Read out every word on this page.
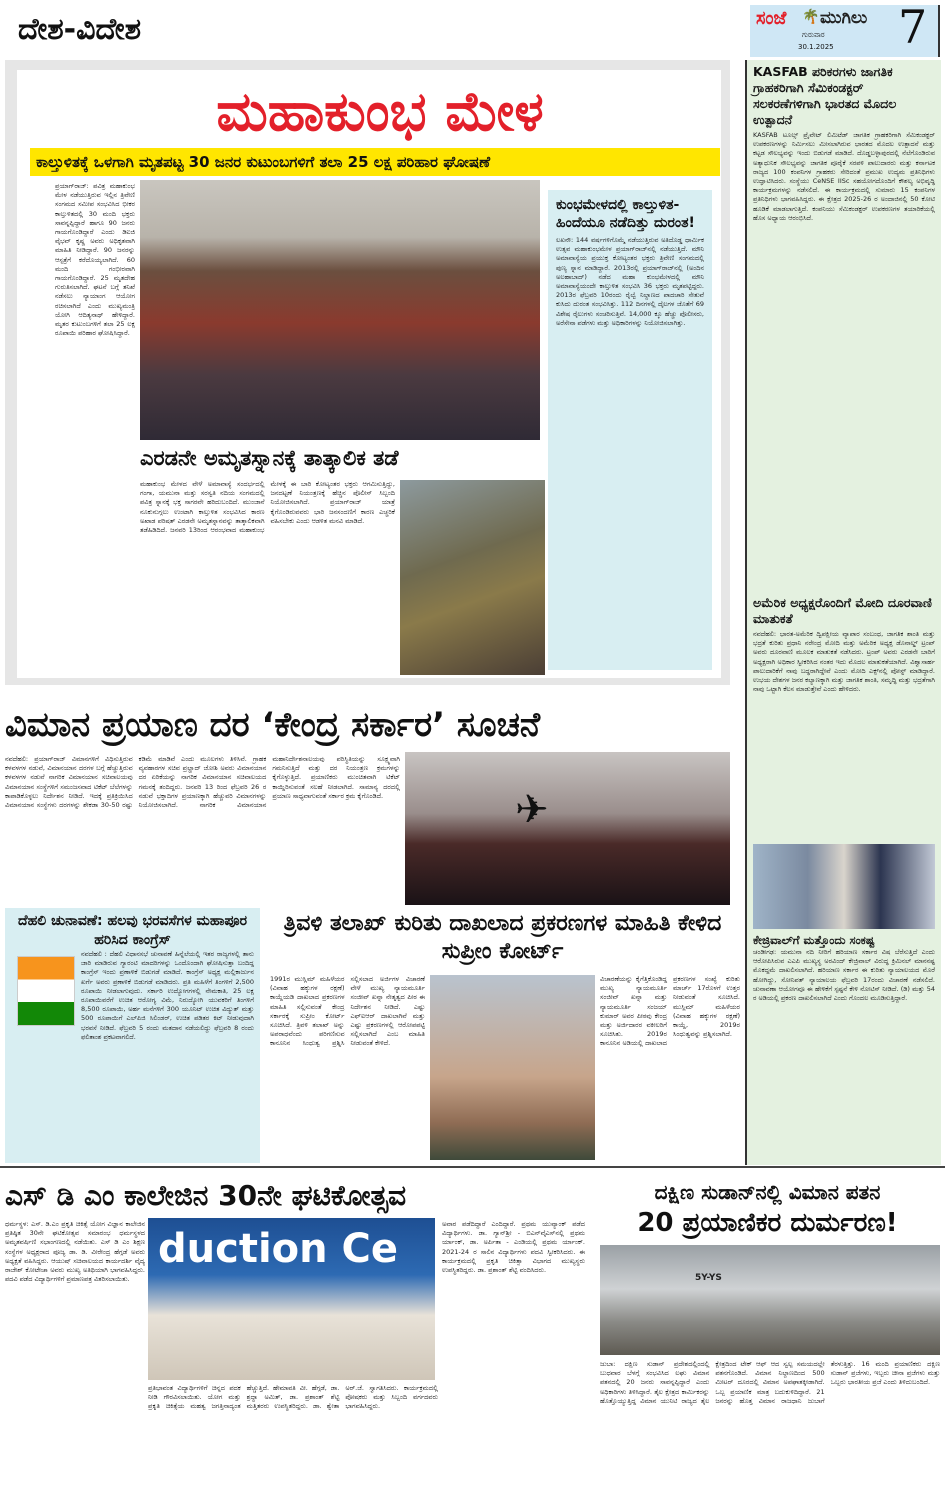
ದೇಶ-ವಿದೇಶ	ಸಂಜೆ 🌴 ಮುಗಿಲು
ಗುರುವಾರ
30.1.2025 7
ಮಹಾಕುಂಭ ಮೇಳ
ಕಾಲ್ತುಳಿತಕ್ಕೆ ಒಳಗಾಗಿ ಮೃತಪಟ್ಟ 30 ಜನರ ಕುಟುಂಬಗಳಿಗೆ ತಲಾ 25 ಲಕ್ಷ ಪರಿಹಾರ ಘೋಷಣೆ
ಪ್ರಯಾಗ್‌ರಾಜ್: ಪವಿತ್ರ ಮಹಾಕುಂಭ ಮೇಳ ನಡೆಯುತ್ತಿರುವ ಇಲ್ಲಿನ ತ್ರಿವೇಣಿ ಸಂಗಮದ ಸಮೀಪ ಸಂಭವಿಸಿದ ಭೀಕರ ಕಾಲ್ತುಳಿತದಲ್ಲಿ 30 ಮಂದಿ ಭಕ್ತರು ಸಾವನ್ನಪ್ಪಿದ್ದಾರೆ ಹಾಗೂ 90 ಜನರು ಗಾಯಗೊಂಡಿದ್ದಾರೆ ಎಂದು ಡಿಐಜಿ ವೈಭವ್ ಕೃಷ್ಣ ಅವರು ಅಧಿಕೃತವಾಗಿ ಮಾಹಿತಿ ನೀಡಿದ್ದಾರೆ. 90 ಜನರನ್ನು ಆಸ್ಪತ್ರೆಗೆ ಕರೆದೊಯ್ಯಲಾಗಿದೆ. 60 ಮಂದಿ ಗಂಭೀರವಾಗಿ ಗಾಯಗೊಂಡಿದ್ದಾರೆ. 25 ಮೃತದೇಹ ಗುರುತಿಸಲಾಗಿದೆ. ಘಟನೆ ಬಗ್ಗೆ ತನಿಖೆ ನಡೆಸಲು ನ್ಯಾಯಾಂಗ ಆಯೋಗ ರಚಿಸಲಾಗಿದೆ ಎಂದು ಮುಖ್ಯಮಂತ್ರಿ ಯೋಗಿ ಆದಿತ್ಯನಾಥ್ ಹೇಳಿದ್ದಾರೆ. ಮೃತರ ಕುಟುಂಬಗಳಿಗೆ ತಲಾ 25 ಲಕ್ಷ ರೂಪಾಯಿ ಪರಿಹಾರ ಘೋಷಿಸಿದ್ದಾರೆ.
ಎರಡನೇ ಅಮೃತಸ್ನಾನಕ್ಕೆ ತಾತ್ಕಾಲಿಕ ತಡೆ
ಮಹಾಕುಂಭ ಮೇಳದ ವೇಳೆ ಅಮಾವಾಸ್ಯೆ ಸಂದರ್ಭದಲ್ಲಿ ಗಂಗಾ, ಯಮುನಾ ಮತ್ತು ಸರಸ್ವತಿ ನದಿಯ ಸಂಗಮದಲ್ಲಿ ಪವಿತ್ರ ಸ್ನಾನಕ್ಕೆ ಭಕ್ತ ಸಾಗರವೇ ಹರಿದುಬಂದಿದೆ. ಮುಂಜಾನೆ ನೂಕುನುಗ್ಗಲು ಉಂಟಾಗಿ ಕಾಲ್ತುಳಿತ ಸಂಭವಿಸಿದ ಕಾರಣ ಅಖಾಡ ಪರಿಷತ್ ಎರಡನೇ ಅಮೃತಸ್ನಾನವನ್ನು ತಾತ್ಕಾಲಿಕವಾಗಿ ತಡೆಹಿಡಿದಿದೆ. ಜನವರಿ 13ರಿಂದ ಆರಂಭವಾದ ಮಹಾಕುಂಭ ಮೇಳಕ್ಕೆ ಈ ಬಾರಿ ಕೋಟ್ಯಂತರ ಭಕ್ತರು ಆಗಮಿಸುತ್ತಿದ್ದು, ಜನದಟ್ಟಣೆ ನಿಯಂತ್ರಣಕ್ಕೆ ಹೆಚ್ಚಿನ ಪೊಲೀಸ್ ಸಿಬ್ಬಂದಿ ನಿಯೋಜಿಸಲಾಗಿದೆ. ಪ್ರಯಾಗ್‌ರಾಜ್ ಯಾತ್ರೆ ಕೈಗೊಂಡಿರುವವರು ಭಾರಿ ಜನಸಂದಣಿಗೆ ಕಾರಣ ಎಚ್ಚರಿಕೆ ವಹಿಸಬೇಕು ಎಂದು ಆಡಳಿತ ಮನವಿ ಮಾಡಿದೆ.
ಕುಂಭಮೇಳದಲ್ಲಿ ಕಾಲ್ತುಳಿತ- ಹಿಂದೆಯೂ ನಡೆದಿತ್ತು ದುರಂತ!
ಲಖನೌ: 144 ವರ್ಷಗಳಿಗೊಮ್ಮೆ ನಡೆಯುತ್ತಿರುವ ಅತಿದೊಡ್ಡ ಧಾರ್ಮಿಕ ಉತ್ಸವ ಮಹಾಕುಂಭಮೇಳ ಪ್ರಯಾಗ್‌ರಾಜ್‌ನಲ್ಲಿ ನಡೆಯುತ್ತಿದೆ. ಮೌನಿ ಅಮಾವಾಸ್ಯೆಯ ಪ್ರಯುಕ್ತ ಕೋಟ್ಯಂತರ ಭಕ್ತರು ತ್ರಿವೇಣಿ ಸಂಗಮದಲ್ಲಿ ಪುಣ್ಯ ಸ್ನಾನ ಮಾಡಿದ್ದಾರೆ. 2013ರಲ್ಲಿ ಪ್ರಯಾಗ್‌ರಾಜ್‌ನಲ್ಲಿ (ಅಂದಿನ ಅಲಹಾಬಾದ್) ನಡೆದ ಮಹಾ ಕುಂಭಮೇಳದಲ್ಲಿ ಮೌನಿ ಅಮಾವಾಸ್ಯೆಯಂದೇ ಕಾಲ್ತುಳಿತ ಸಂಭವಿಸಿ 36 ಭಕ್ತರು ಮೃತಪಟ್ಟಿದ್ದರು. 2013ರ ಫೆಬ್ರವರಿ 10ರಂದು ರೈಲ್ವೆ ನಿಲ್ದಾಣದ ಪಾದಚಾರಿ ಸೇತುವೆ ಕುಸಿದು ದುರಂತ ಸಂಭವಿಸಿತ್ತು. 112 ದಿನಗಳಲ್ಲಿ ದೈಲಗಳ ಜೊತೆಗೆ 69 ವಿಶೇಷ ರೈಲುಗಳು ಸಂಚರಿಸುತ್ತಿವೆ. 14,000 ಕ್ಕೂ ಹೆಚ್ಚು ಪೊಲೀಸರು, ಅರೆಸೇನಾ ಪಡೆಗಳು ಮತ್ತು ಅಧಿಕಾರಿಗಳನ್ನು ನಿಯೋಜಿಸಲಾಗಿತ್ತು.
KASFAB ಪರಿಕರಗಳು ಜಾಗತಿಕ ಗ್ರಾಹಕರಿಗಾಗಿ ಸೆಮಿಕಂಡಕ್ಟರ್ ಸಲಕರಣೆಗಳಿಗಾಗಿ ಭಾರತದ ಮೊದಲ ಉತ್ಪಾದನೆ
KASFAB ಟೂಲ್ಸ್ ಪ್ರೈವೇಟ್ ಲಿಮಿಟೆಡ್ ಜಾಗತಿಕ ಗ್ರಾಹಕರಿಗಾಗಿ ಸೆಮಿಕಂಡಕ್ಟರ್ ಉಪಕರಣಗಳನ್ನು ನಿರ್ಮಿಸಲು ಮೀಸಲಾಗಿರುವ ಭಾರತದ ಮೊದಲ ಉತ್ಪಾದನೆ ಮತ್ತು ಕಟ್ಟಡ ಸೌಲಭ್ಯವನ್ನು ಇಂದು ಬಿಡುಗಡೆ ಮಾಡಿದೆ. ದೊಡ್ಡಬಳ್ಳಾಪುರದಲ್ಲಿ ನೆಲೆಗೊಂಡಿರುವ ಅತ್ಯಾಧುನಿಕ ಸೌಲಭ್ಯವನ್ನು ಜಾಗತಿಕ ಪೂರೈಕೆ ಸರಪಳಿ ಪಾಲುದಾರರು ಮತ್ತು ಕರ್ನಾಟಕ ರಾಜ್ಯದ 100 ಕಂಪನಿಗಳ ಗ್ರಾಹಕರು ಸೇರಿದಂತೆ ಪ್ರಮುಖ ಉದ್ಯಮ ಪ್ರತಿನಿಧಿಗಳು ಉದ್ಘಾಟಿಸಿದರು. ಸಂಸ್ಥೆಯು CeNSE IISc ಸಹಯೋಗದೊಂದಿಗೆ ಕೌಶಲ್ಯ ಅಭಿವೃದ್ಧಿ ಕಾರ್ಯಕ್ರಮಗಳನ್ನು ನಡೆಸಲಿದೆ. ಈ ಕಾರ್ಯಕ್ರಮದಲ್ಲಿ ಸುಮಾರು 15 ಕಂಪನಿಗಳ ಪ್ರತಿನಿಧಿಗಳು ಭಾಗವಹಿಸಿದ್ದರು. ಈ ಕ್ಷೇತ್ರದ 2025-26 ರ ಅಂದಾಜಿನಲ್ಲಿ 50 ಕೋಟಿ ಹೂಡಿಕೆ ಮಾಡಲಾಗುತ್ತಿದೆ. ಕಂಪನಿಯು ಸೆಮಿಕಂಡಕ್ಟರ್ ಉಪಕರಣಗಳ ತಯಾರಿಕೆಯಲ್ಲಿ ಹೊಸ ಅಧ್ಯಾಯ ಆರಂಭಿಸಿದೆ.
ಅಮೆರಿಕ ಅಧ್ಯಕ್ಷರೊಂದಿಗೆ ಮೋದಿ ದೂರವಾಣಿ ಮಾತುಕತೆ
ನವದೆಹಲಿ: ಭಾರತ-ಅಮೆರಿಕ ದ್ವಿಪಕ್ಷೀಯ ವ್ಯಾಪಾರ ಸಂಬಂಧ, ಜಾಗತಿಕ ಶಾಂತಿ ಮತ್ತು ಭದ್ರತೆ ಕುರಿತು ಪ್ರಧಾನಿ ನರೇಂದ್ರ ಮೋದಿ ಮತ್ತು ಅಮೆರಿಕ ಅಧ್ಯಕ್ಷ ಡೊನಾಲ್ಡ್ ಟ್ರಂಪ್ ಅವರು ದೂರವಾಣಿ ಮೂಲಕ ಮಾತುಕತೆ ನಡೆಸಿದರು. ಟ್ರಂಪ್ ಅವರು ಎರಡನೇ ಬಾರಿಗೆ ಅಧ್ಯಕ್ಷರಾಗಿ ಅಧಿಕಾರ ಸ್ವೀಕರಿಸಿದ ನಂತರ ಇದು ಮೊದಲ ಮಾತುಕತೆಯಾಗಿದೆ. ವಿಶ್ವಾಸಾರ್ಹ ಪಾಲುದಾರಿಕೆಗೆ ನಾವು ಬದ್ಧರಾಗಿದ್ದೇವೆ ಎಂದು ಮೋದಿ ಎಕ್ಸ್‌ನಲ್ಲಿ ಪೋಸ್ಟ್ ಮಾಡಿದ್ದಾರೆ. ಉಭಯ ದೇಶಗಳ ಜನರ ಕಲ್ಯಾಣಕ್ಕಾಗಿ ಮತ್ತು ಜಾಗತಿಕ ಶಾಂತಿ, ಸಮೃದ್ಧಿ ಮತ್ತು ಭದ್ರತೆಗಾಗಿ ನಾವು ಒಟ್ಟಾಗಿ ಕೆಲಸ ಮಾಡುತ್ತೇವೆ ಎಂದು ಹೇಳಿದರು.
ಕೇಜ್ರಿವಾಲ್‌ಗೆ ಮತ್ತೊಂದು ಸಂಕಷ್ಟ
ಚಂಡೀಗಢ: ಯಮುನಾ ನದಿ ನೀರಿಗೆ ಹರಿಯಾಣ ಸರ್ಕಾರ ವಿಷ ಬೆರೆಸುತ್ತಿದೆ ಎಂದು ಆರೋಪಿಸಿರುವ ಎಎಪಿ ಮುಖ್ಯಸ್ಥ ಅರವಿಂದ್ ಕೇಜ್ರಿವಾಲ್ ವಿರುದ್ಧ ಕ್ರಿಮಿನಲ್ ಮಾನನಷ್ಟ ಮೊಕದ್ದಮೆ ದಾಖಲಿಸಲಾಗಿದೆ. ಹರಿಯಾಣ ಸರ್ಕಾರ ಈ ಕುರಿತು ನ್ಯಾಯಾಲಯದ ಮೊರೆ ಹೋಗಿದ್ದು, ಸೋನಿಪತ್ ನ್ಯಾಯಾಲಯ ಫೆಬ್ರವರಿ 17ರಂದು ವಿಚಾರಣೆ ನಡೆಸಲಿದೆ. ಚುನಾವಣಾ ಆಯೋಗವೂ ಈ ಹೇಳಿಕೆಗೆ ಸ್ಪಷ್ಟನೆ ಕೇಳಿ ನೋಟಿಸ್ ನೀಡಿದೆ. (ಡಿ) ಮತ್ತು 54 ರ ಅಡಿಯಲ್ಲಿ ಪ್ರಕರಣ ದಾಖಲಿಸಲಾಗಿದೆ ಎಂದು ಗೊಂದಲ ಮೂಡಿಸುತ್ತಿದ್ದಾರೆ.
ವಿಮಾನ ಪ್ರಯಾಣ ದರ ‘ಕೇಂದ್ರ ಸರ್ಕಾರ’ ಸೂಚನೆ
ನವದೆಹಲಿ: ಪ್ರಯಾಗ್‌ರಾಜ್ ವಿಮಾನಗಳಿಗೆ ವಿಧಿಸುತ್ತಿರುವ ಕಳವಳಗಳ ನಡುವೆ, ವಿಮಾನಯಾನ ದರಗಳ ಬಗ್ಗೆ ಹೆಚ್ಚುತ್ತಿರುವ ಕಳವಳಗಳ ನಡುವೆ ನಾಗರಿಕ ವಿಮಾನಯಾನ ಸಚಿವಾಲಯವು ವಿಮಾನಯಾನ ಸಂಸ್ಥೆಗಳಿಗೆ ಸಮಂಜಸವಾದ ಟಿಕೆಟ್ ಬೆಲೆಗಳನ್ನು ಕಾಪಾಡಿಕೊಳ್ಳಲು ನಿರ್ದೇಶನ ನೀಡಿದೆ. ಇದಕ್ಕೆ ಪ್ರತಿಕ್ರಿಯಿಸಿದ ವಿಮಾನಯಾನ ಸಂಸ್ಥೆಗಳು ದರಗಳನ್ನು ಶೇಕಡಾ 30-50 ರಷ್ಟು ಕಡಿಮೆ ಮಾಡಿವೆ ಎಂದು ಮೂಲಗಳು ತಿಳಿಸಿವೆ. ಗ್ರಾಹಕ ವ್ಯವಹಾರಗಳ ಸಚಿವ ಪ್ರಲ್ಹಾದ್ ಜೋಶಿ ಅವರು ವಿಮಾನಯಾನ ದರ ಏರಿಕೆಯನ್ನು ನಾಗರಿಕ ವಿಮಾನಯಾನ ಸಚಿವಾಲಯದ ಗಮನಕ್ಕೆ ತಂದಿದ್ದರು. ಜನವರಿ 13 ರಿಂದ ಫೆಬ್ರವರಿ 26 ರ ನಡುವೆ ಭಕ್ತಾದಿಗಳ ಪ್ರಯಾಣಕ್ಕಾಗಿ ಹೆಚ್ಚುವರಿ ವಿಮಾನಗಳನ್ನು ನಿಯೋಜಿಸಲಾಗಿದೆ. ನಾಗರಿಕ ವಿಮಾನಯಾನ ಮಹಾನಿರ್ದೇಶನಾಲಯವು ಪರಿಸ್ಥಿತಿಯನ್ನು ಸೂಕ್ಷ್ಮವಾಗಿ ಗಮನಿಸುತ್ತಿದೆ ಮತ್ತು ದರ ನಿಯಂತ್ರಣ ಕ್ರಮಗಳನ್ನು ಕೈಗೊಳ್ಳುತ್ತಿದೆ. ಪ್ರಯಾಣಿಕರು ಮುಂಚಿತವಾಗಿ ಟಿಕೆಟ್ ಕಾಯ್ದಿರಿಸುವಂತೆ ಸಲಹೆ ನೀಡಲಾಗಿದೆ. ಸಾಮಾನ್ಯ ದರದಲ್ಲಿ ಪ್ರಯಾಣ ಸಾಧ್ಯವಾಗುವಂತೆ ಸರ್ಕಾರ ಕ್ರಮ ಕೈಗೊಂಡಿದೆ.	✈
ದೆಹಲಿ ಚುನಾವಣೆ: ಹಲವು ಭರವಸೆಗಳ ಮಹಾಪೂರ ಹರಿಸಿದ ಕಾಂಗ್ರೆಸ್
ನವದೆಹಲಿ : ದೆಹಲಿ ವಿಧಾನಸಭೆ ಚುನಾವಣೆ ಹಿನ್ನೆಲೆಯಲ್ಲಿ ಇತರ ರಾಜ್ಯಗಳಲ್ಲಿ ತಾನು ಜಾರಿ ಮಾಡಿರುವ ಗ್ಯಾರಂಟಿ ಮಾದರಿಗಳನ್ನು ಒಂದೊಂದಾಗಿ ಘೋಷಿಸುತ್ತಾ ಬಂದಿದ್ದ ಕಾಂಗ್ರೆಸ್ ಇಂದು ಪ್ರಣಾಳಿಕೆ ಬಿಡುಗಡೆ ಮಾಡಿದೆ. ಕಾಂಗ್ರೆಸ್ ಅಧ್ಯಕ್ಷ ಮಲ್ಲಿಕಾರ್ಜುನ ಖರ್ಗೆ ಅವರು ಪ್ರಣಾಳಿಕೆ ಬಿಡುಗಡೆ ಮಾಡಿದರು. ಪ್ರತಿ ಮಹಿಳೆಗೆ ತಿಂಗಳಿಗೆ 2,500 ರೂಪಾಯಿ ನೀಡಲಾಗುವುದು. ಸರ್ಕಾರಿ ಉದ್ಯೋಗಗಳಲ್ಲಿ ನೇಮಕಾತಿ, 25 ಲಕ್ಷ ರೂಪಾಯಿವರೆಗೆ ಉಚಿತ ಆರೋಗ್ಯ ವಿಮೆ, ನಿರುದ್ಯೋಗಿ ಯುವಕರಿಗೆ ತಿಂಗಳಿಗೆ 8,500 ರೂಪಾಯಿ, ಅರ್ಹ ಮನೆಗಳಿಗೆ 300 ಯೂನಿಟ್ ಉಚಿತ ವಿದ್ಯುತ್ ಮತ್ತು 500 ರೂಪಾಯಿಗೆ ಎಲ್‌ಪಿಜಿ ಸಿಲಿಂಡರ್, ಉಚಿತ ಪಡಿತರ ಕಿಟ್ ನೀಡುವುದಾಗಿ ಭರವಸೆ ನೀಡಿದೆ. ಫೆಬ್ರವರಿ 5 ರಂದು ಮತದಾನ ನಡೆಯಲಿದ್ದು ಫೆಬ್ರವರಿ 8 ರಂದು ಫಲಿತಾಂಶ ಪ್ರಕಟವಾಗಲಿದೆ.
ತ್ರಿವಳಿ ತಲಾಖ್ ಕುರಿತು ದಾಖಲಾದ ಪ್ರಕರಣಗಳ ಮಾಹಿತಿ ಕೇಳಿದ ಸುಪ್ರೀಂ ಕೋರ್ಟ್
1991ರ ಮುಸ್ಲಿಮ್ ಮಹಿಳೆಯರ (ವಿವಾಹ ಹಕ್ಕುಗಳ ರಕ್ಷಣೆ) ಕಾಯ್ದೆಯಡಿ ದಾಖಲಾದ ಪ್ರಕರಣಗಳ ಮಾಹಿತಿ ಸಲ್ಲಿಸುವಂತೆ ಕೇಂದ್ರ ಸರ್ಕಾರಕ್ಕೆ ಸುಪ್ರೀಂ ಕೋರ್ಟ್ ಸೂಚಿಸಿದೆ. ತ್ರಿವಳಿ ತಲಾಖ್ ಅನ್ನು ಅಪರಾಧವೆಂದು ಪರಿಗಣಿಸುವ ಕಾನೂನಿನ ಸಿಂಧುತ್ವ ಪ್ರಶ್ನಿಸಿ ಸಲ್ಲಿಸಲಾದ ಅರ್ಜಿಗಳ ವಿಚಾರಣೆ ವೇಳೆ ಮುಖ್ಯ ನ್ಯಾಯಮೂರ್ತಿ ಸಂಜೀವ್ ಖನ್ನಾ ನೇತೃತ್ವದ ಪೀಠ ಈ ನಿರ್ದೇಶನ ನೀಡಿದೆ. ಎಷ್ಟು ಎಫ್‌ಐಆರ್ ದಾಖಲಾಗಿವೆ ಮತ್ತು ಎಷ್ಟು ಪ್ರಕರಣಗಳಲ್ಲಿ ಆರೋಪಪಟ್ಟಿ ಸಲ್ಲಿಸಲಾಗಿದೆ ಎಂಬ ಮಾಹಿತಿ ನೀಡುವಂತೆ ಕೇಳಿದೆ.
ವಿಚಾರಣೆಯನ್ನು ಕೈಗೆತ್ತಿಕೊಂಡಿದ್ದ ಮುಖ್ಯ ನ್ಯಾಯಮೂರ್ತಿ ಸಂಜೀವ್ ಖನ್ನಾ ಮತ್ತು ನ್ಯಾಯಮೂರ್ತಿ ಸಂಜಯ್ ಕುಮಾರ್ ಅವರ ಪೀಠವು ಕೇಂದ್ರ ಮತ್ತು ಅರ್ಜಿದಾರರ ವಕೀಲರಿಗೆ ಸೂಚಿಸಿತು. 2019ರ ಕಾನೂನಿನ ಅಡಿಯಲ್ಲಿ ದಾಖಲಾದ ಪ್ರಕರಣಗಳ ಸಂಖ್ಯೆ ಕುರಿತು ಮಾರ್ಚ್ 17ರೊಳಗೆ ಉತ್ತರ ನೀಡುವಂತೆ ಸೂಚಿಸಿದೆ. ಮುಸ್ಲಿಮ್ ಮಹಿಳೆಯರ (ವಿವಾಹ ಹಕ್ಕುಗಳ ರಕ್ಷಣೆ) ಕಾಯ್ದೆ, 2019ರ ಸಿಂಧುತ್ವವನ್ನು ಪ್ರಶ್ನಿಸಲಾಗಿದೆ.
ಎಸ್ ಡಿ ಎಂ ಕಾಲೇಜಿನ 30ನೇ ಘಟಿಕೋತ್ಸವ
ಧರ್ಮಸ್ಥಳ: ಎಸ್. ಡಿ.ಎಂ ಪ್ರಕೃತಿ ಚಿಕಿತ್ಸೆ ಯೋಗ ವಿಜ್ಞಾನ ಕಾಲೇಜಿನ ಪ್ರತಿಷ್ಠಿತ 30ನೇ ಘಟಿಕೋತ್ಸವ ಸಮಾರಂಭ ಧರ್ಮಸ್ಥಳದ ಅಮೃತವರ್ಷಿಣಿ ಸಭಾಂಗಣದಲ್ಲಿ ನಡೆಯಿತು. ಎಸ್ ಡಿ ಎಂ ಶಿಕ್ಷಣ ಸಂಸ್ಥೆಗಳ ಅಧ್ಯಕ್ಷರಾದ ಪೂಜ್ಯ ಡಾ. ಡಿ. ವೀರೇಂದ್ರ ಹೆಗ್ಗಡೆ ಅವರು ಅಧ್ಯಕ್ಷತೆ ವಹಿಸಿದ್ದರು. ಆಯುಷ್ ಸಚಿವಾಲಯದ ಕಾರ್ಯದರ್ಶಿ ವೈದ್ಯ ರಾಜೇಶ್ ಕೋಟೇಚಾ ಅವರು ಮುಖ್ಯ ಅತಿಥಿಯಾಗಿ ಭಾಗವಹಿಸಿದ್ದರು. ಪದವಿ ಪಡೆದ ವಿದ್ಯಾರ್ಥಿಗಳಿಗೆ ಪ್ರಮಾಣಪತ್ರ ವಿತರಿಸಲಾಯಿತು.
duction Ce
ಪ್ರತಿಭಾವಂತ ವಿದ್ಯಾರ್ಥಿಗಳಿಗೆ ಚಿನ್ನದ ಪದಕ ನೀಡಿ ಗೌರವಿಸಲಾಯಿತು. ಯೋಗ ಮತ್ತು ಪ್ರಕೃತಿ ಚಿಕಿತ್ಸೆಯ ಮಹತ್ವ ಜಗತ್ತಿನಾದ್ಯಂತ ಹೆಚ್ಚುತ್ತಿದೆ. ಹೇಮಾವತಿ ವೀ. ಹೆಗ್ಗಡೆ, ಡಾ. ಶ್ರದ್ಧಾ ಅಮಿತ್, ಡಾ. ಪ್ರಶಾಂತ್ ಶೆಟ್ಟಿ ಮತ್ತಿತರರು ಉಪಸ್ಥಿತರಿದ್ದರು. ಡಾ. ಶ್ವೇತಾ ಅರ್.ಜೆ. ಸ್ವಾಗತಿಸಿದರು. ಕಾರ್ಯಕ್ರಮದಲ್ಲಿ ಪೋಷಕರು ಮತ್ತು ಸಿಬ್ಬಂದಿ ವರ್ಗದವರು ಭಾಗವಹಿಸಿದ್ದರು.
ಅವಾರ ಪಡೆದಿದ್ದಾರೆ ಎಂದಿದ್ದಾರೆ. ಪ್ರಥಮ ಯುವ್ಯಾಂಕ್ ಪಡೆದ ವಿದ್ಯಾರ್ಥಿಗಳು. ಡಾ. ಗ್ಯಾನ್‌ಶ್ರೀ - ಬಿಎನ್‌ವೈಎಸ್‌ನಲ್ಲಿ ಪ್ರಥಮ ರ್ಯಾಂಕ್, ಡಾ. ಅರ್ಪಿತಾ - ಎಂಡಿಯಲ್ಲಿ ಪ್ರಥಮ ರ್ಯಾಂಕ್. 2021-24 ರ ಸಾಲಿನ ವಿದ್ಯಾರ್ಥಿಗಳು ಪದವಿ ಸ್ವೀಕರಿಸಿದರು. ಈ ಕಾರ್ಯಕ್ರಮದಲ್ಲಿ ಪ್ರಕೃತಿ ಚಿಕಿತ್ಸಾ ವಿಭಾಗದ ಮುಖ್ಯಸ್ಥರು ಉಪಸ್ಥಿತರಿದ್ದರು. ಡಾ. ಪ್ರಶಾಂತ್ ಶೆಟ್ಟಿ ವಂದಿಸಿದರು.
ದಕ್ಷಿಣ ಸುಡಾನ್‌ನಲ್ಲಿ ವಿಮಾನ ಪತನ
20 ಪ್ರಯಾಣಿಕರ ದುರ್ಮರಣ!
5Y-YS
ಜುಬಾ: ದಕ್ಷಿಣ ಸುಡಾನ್ ಪ್ರದೇಶದಲ್ಲಿಂದಲ್ಲಿ ಬುಧವಾರ ಬೆಳಗ್ಗೆ ಸಂಭವಿಸಿದ ಲಘು ವಿಮಾನ ಪತನದಲ್ಲಿ 20 ಜನರು ಸಾವನ್ನಪ್ಪಿದ್ದಾರೆ ಎಂದು ಅಧಿಕಾರಿಗಳು ತಿಳಿಸಿದ್ದಾರೆ. ತೈಲ ಕ್ಷೇತ್ರದ ಕಾರ್ಮಿಕರನ್ನು ಹೊತ್ತೊಯ್ಯುತ್ತಿದ್ದ ವಿಮಾನ ಯುನಿಟಿ ರಾಜ್ಯದ ತೈಲ ಕ್ಷೇತ್ರದಿಂದ ಟೇಕ್ ಆಫ್ ಆದ ಸ್ವಲ್ಪ ಸಮಯದಲ್ಲೇ ಪತನಗೊಂಡಿದೆ. ವಿಮಾನ ನಿಲ್ದಾಣದಿಂದ 500 ಮೀಟರ್ ದೂರದಲ್ಲಿ ವಿಮಾನ ಅಪಘಾತಕ್ಕೀಡಾಗಿದೆ. ಒಬ್ಬ ಪ್ರಯಾಣಿಕ ಮಾತ್ರ ಬದುಕುಳಿದಿದ್ದಾರೆ. 21 ಜನರನ್ನು ಹೊತ್ತ ವಿಮಾನ ರಾಜಧಾನಿ ಜುಬಾಗೆ ತೆರಳುತ್ತಿತ್ತು. 16 ಮಂದಿ ಪ್ರಯಾಣಿಕರು ದಕ್ಷಿಣ ಸುಡಾನ್ ಪ್ರಜೆಗಳು, ಇಬ್ಬರು ಚೀನಾ ಪ್ರಜೆಗಳು ಮತ್ತು ಒಬ್ಬರು ಭಾರತೀಯ ಪ್ರಜೆ ಎಂದು ತಿಳಿದುಬಂದಿದೆ.
